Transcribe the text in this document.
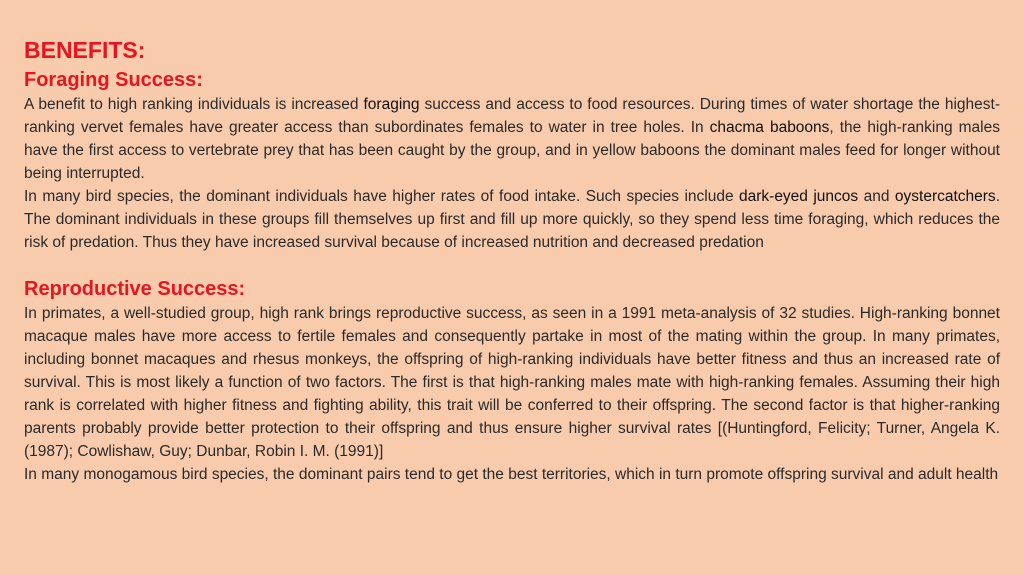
BENEFITS:
Foraging Success:

A benefit to high ranking individuals is increased foraging success and access to food resources. During times of water shortage the highest-ranking vervet females have greater access than subordinates females to water in tree holes. In chacma baboons, the high-ranking males have the first access to vertebrate prey that has been caught by the group, and in yellow baboons the dominant males feed for longer without being interrupted.

In many bird species, the dominant individuals have higher rates of food intake. Such species include dark-eyed juncos and oystercatchers. The dominant individuals in these groups fill themselves up first and fill up more quickly, so they spend less time foraging, which reduces the risk of predation. Thus they have increased survival because of increased nutrition and decreased predation

Reproductive Success:

In primates, a well-studied group, high rank brings reproductive success, as seen in a 1991 meta-analysis of 32 studies. High-ranking bonnet macaque males have more access to fertile females and consequently partake in most of the mating within the group. In many primates, including bonnet macaques and rhesus monkeys, the offspring of high-ranking individuals have better fitness and thus an increased rate of survival. This is most likely a function of two factors. The first is that high-ranking males mate with high-ranking females. Assuming their high rank is correlated with higher fitness and fighting ability, this trait will be conferred to their offspring. The second factor is that higher-ranking parents probably provide better protection to their offspring and thus ensure higher survival rates [(Huntingford, Felicity; Turner, Angela K. (1987); Cowlishaw, Guy; Dunbar, Robin I. M. (1991)]

In many monogamous bird species, the dominant pairs tend to get the best territories, which in turn promote offspring survival and adult health
